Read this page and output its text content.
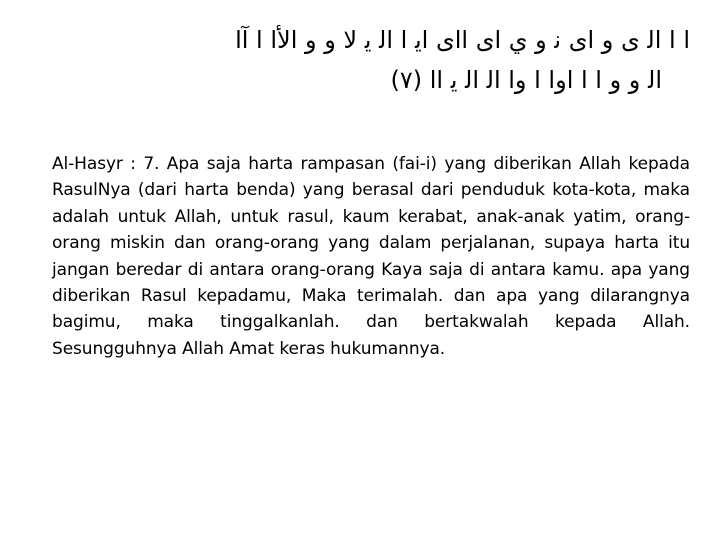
ﺍ ﺍ ﺍﻟ ﻯ ﻭ ﺍﻯ ﻧ ﻭ ﻱ ﺍﻯ ﺍﺍﻯ ﺍﻳ ﺍ ﺍﻟ ﻳ ﻻ ﻭ ﻭ ﺍﻷﺍ ﺍ ﺁﺍ
ﺍﻟ ﻭ ﻭ ﺍ ﺍ ﺍﻭﺍ ﺍ ﻭﺍ ﺍﻟ ﺍﻟ ﻳ ﺍﺍ (٧)

Al-Hasyr : 7. Apa saja harta rampasan (fai-i) yang diberikan Allah kepada RasulNya (dari harta benda) yang berasal dari penduduk kota-kota, maka adalah untuk Allah, untuk rasul, kaum kerabat, anak-anak yatim, orang-orang miskin dan orang-orang yang dalam perjalanan, supaya harta itu jangan beredar di antara orang-orang Kaya saja di antara kamu. apa yang diberikan Rasul kepadamu, Maka terimalah. dan apa yang dilarangnya bagimu, maka tinggalkanlah. dan bertakwalah kepada Allah. Sesungguhnya Allah Amat keras hukumannya.
